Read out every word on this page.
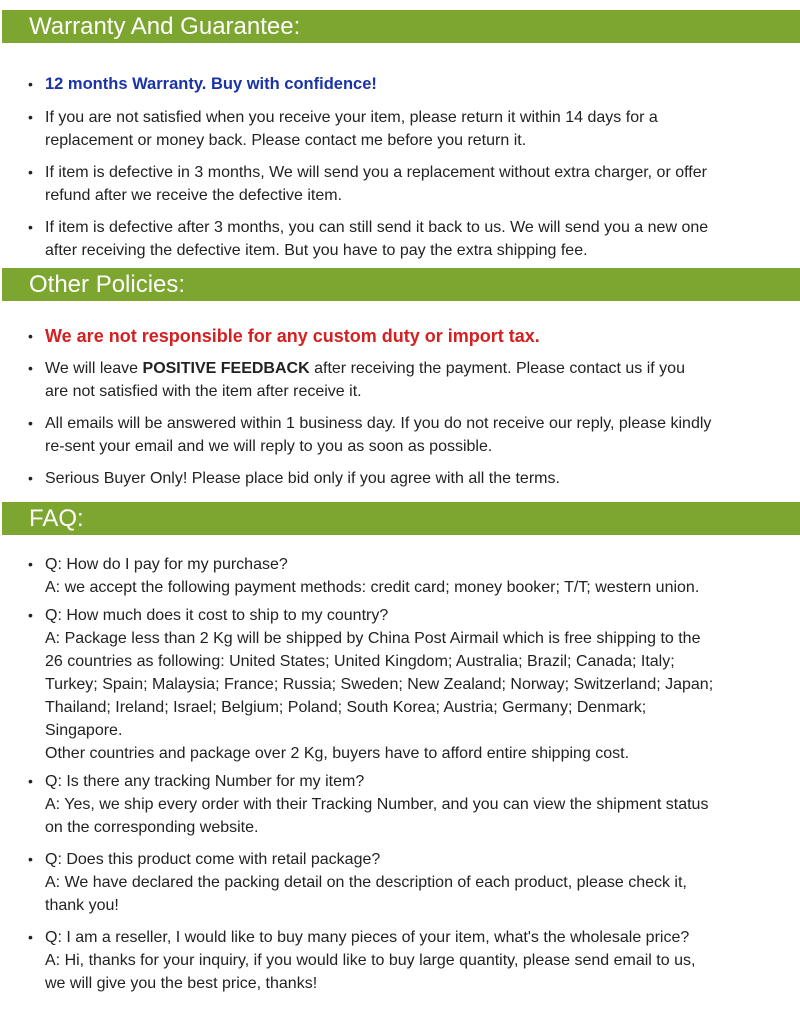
Warranty And Guarantee:
• 12 months Warranty. Buy with confidence!
• If you are not satisfied when you receive your item, please return it within 14 days for a
replacement or money back. Please contact me before you return it.
• If item is defective in 3 months, We will send you a replacement without extra charger, or offer
refund after we receive the defective item.
• If item is defective after 3 months, you can still send it back to us. We will send you a new one
after receiving the defective item. But you have to pay the extra shipping fee.
Other Policies:
• We are not responsible for any custom duty or import tax.
• We will leave POSITIVE FEEDBACK after receiving the payment. Please contact us if you
are not satisfied with the item after receive it.
• All emails will be answered within 1 business day. If you do not receive our reply, please kindly
re-sent your email and we will reply to you as soon as possible.
• Serious Buyer Only! Please place bid only if you agree with all the terms.
FAQ:
• Q: How do I pay for my purchase?
A: we accept the following payment methods: credit card; money booker; T/T; western union.
• Q: How much does it cost to ship to my country?
A: Package less than 2 Kg will be shipped by China Post Airmail which is free shipping to the
26 countries as following: United States; United Kingdom; Australia; Brazil; Canada; Italy;
Turkey; Spain; Malaysia; France; Russia; Sweden; New Zealand; Norway; Switzerland; Japan;
Thailand; Ireland; Israel; Belgium; Poland; South Korea; Austria; Germany; Denmark;
Singapore.
Other countries and package over 2 Kg, buyers have to afford entire shipping cost.
• Q: Is there any tracking Number for my item?
A: Yes, we ship every order with their Tracking Number, and you can view the shipment status
on the corresponding website.
• Q: Does this product come with retail package?
A: We have declared the packing detail on the description of each product, please check it,
thank you!
• Q: I am a reseller, I would like to buy many pieces of your item, what's the wholesale price?
A: Hi, thanks for your inquiry, if you would like to buy large quantity, please send email to us,
we will give you the best price, thanks!
